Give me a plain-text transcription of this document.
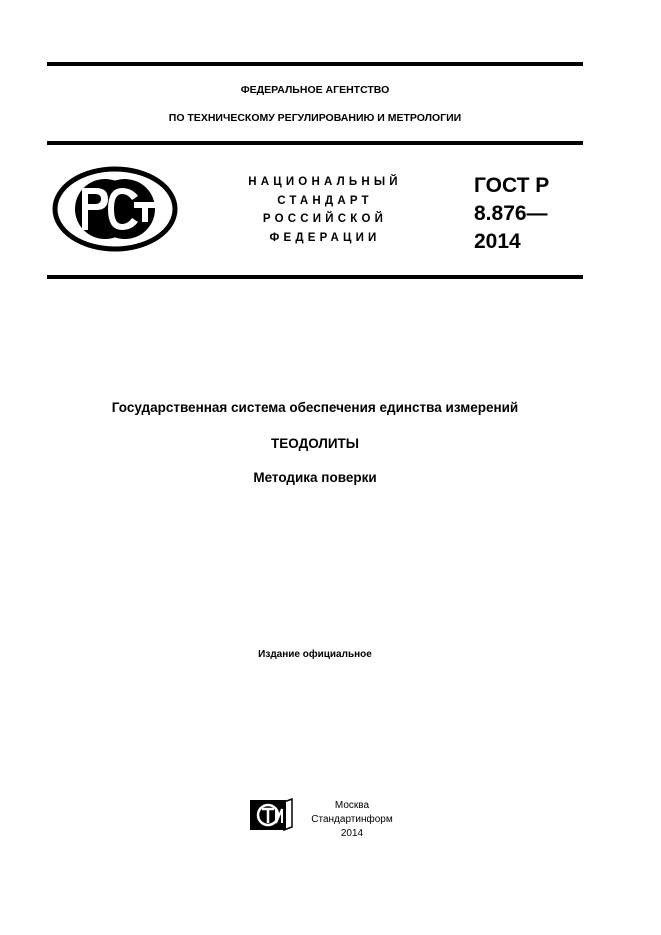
ФЕДЕРАЛЬНОЕ АГЕНТСТВО
ПО ТЕХНИЧЕСКОМУ РЕГУЛИРОВАНИЮ И МЕТРОЛОГИИ
НАЦИОНАЛЬНЫЙ
СТАНДАРТ
РОССИЙСКОЙ
ФЕДЕРАЦИИ
ГОСТ Р
8.876—
2014
Государственная система обеспечения единства измерений
ТЕОДОЛИТЫ
Методика поверки
Издание официальное
Москва
Стандартинформ
2014
